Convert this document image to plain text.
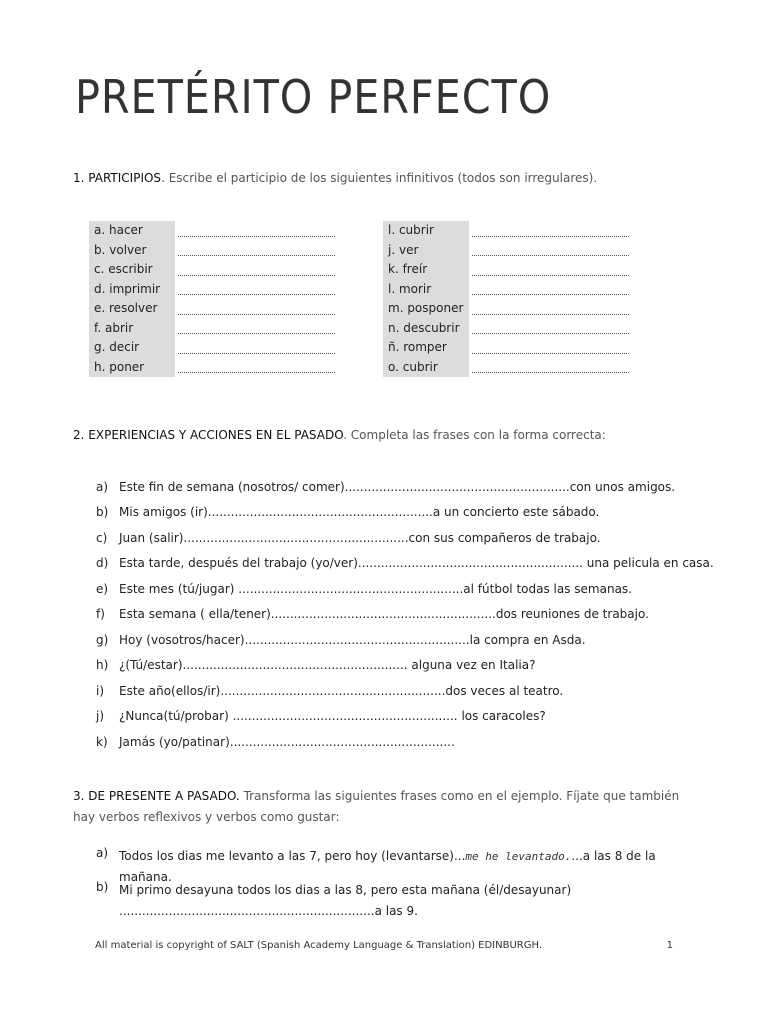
PRETÉRITO PERFECTO

1. PARTICIPIOS. Escribe el participio de los siguientes infinitivos (todos son irregulares).

a. hacer
b. volver
c. escribir
d. imprimir
e. resolver
f. abrir
g. decir
h. poner
l. cubrir
j. ver
k. freír
l. morir
m. posponer
n. descubrir
ñ. romper
o. cubrir

2. EXPERIENCIAS Y ACCIONES EN EL PASADO. Completa las frases con la forma correcta:

a) Este fin de semana (nosotros/ comer)...........................................................con unos amigos.
b) Mis amigos (ir)...........................................................a un concierto este sábado.
c) Juan (salir)...........................................................con sus compañeros de trabajo.
d) Esta tarde, después del trabajo (yo/ver)........................................................... una pelicula en casa.
e) Este mes (tú/jugar) ...........................................................al fútbol todas las semanas.
f)	Esta semana ( ella/tener)...........................................................dos reuniones de trabajo.
g) Hoy (vosotros/hacer)...........................................................la compra en Asda.
h) ¿(Tú/estar)........................................................... alguna vez en Italia?
i)	Este año(ellos/ir)...........................................................dos veces al teatro.
j)	¿Nunca(tú/probar) ........................................................... los caracoles?
k) Jamás (yo/patinar)...........................................................

3. DE PRESENTE A PASADO. Transforma las siguientes frases como en el ejemplo. Fíjate que también hay verbos reflexivos y verbos como gustar:

a) Todos los dias me levanto a las 7, pero hoy (levantarse)...me he levantado....a las 8 de la mañana.
b) Mi primo desayuna todos los dias a las 8, pero esta mañana (él/desayunar) ...................................................................a las 9.
All material is copyright of SALT (Spanish Academy Language & Translation) EDINBURGH.	1
